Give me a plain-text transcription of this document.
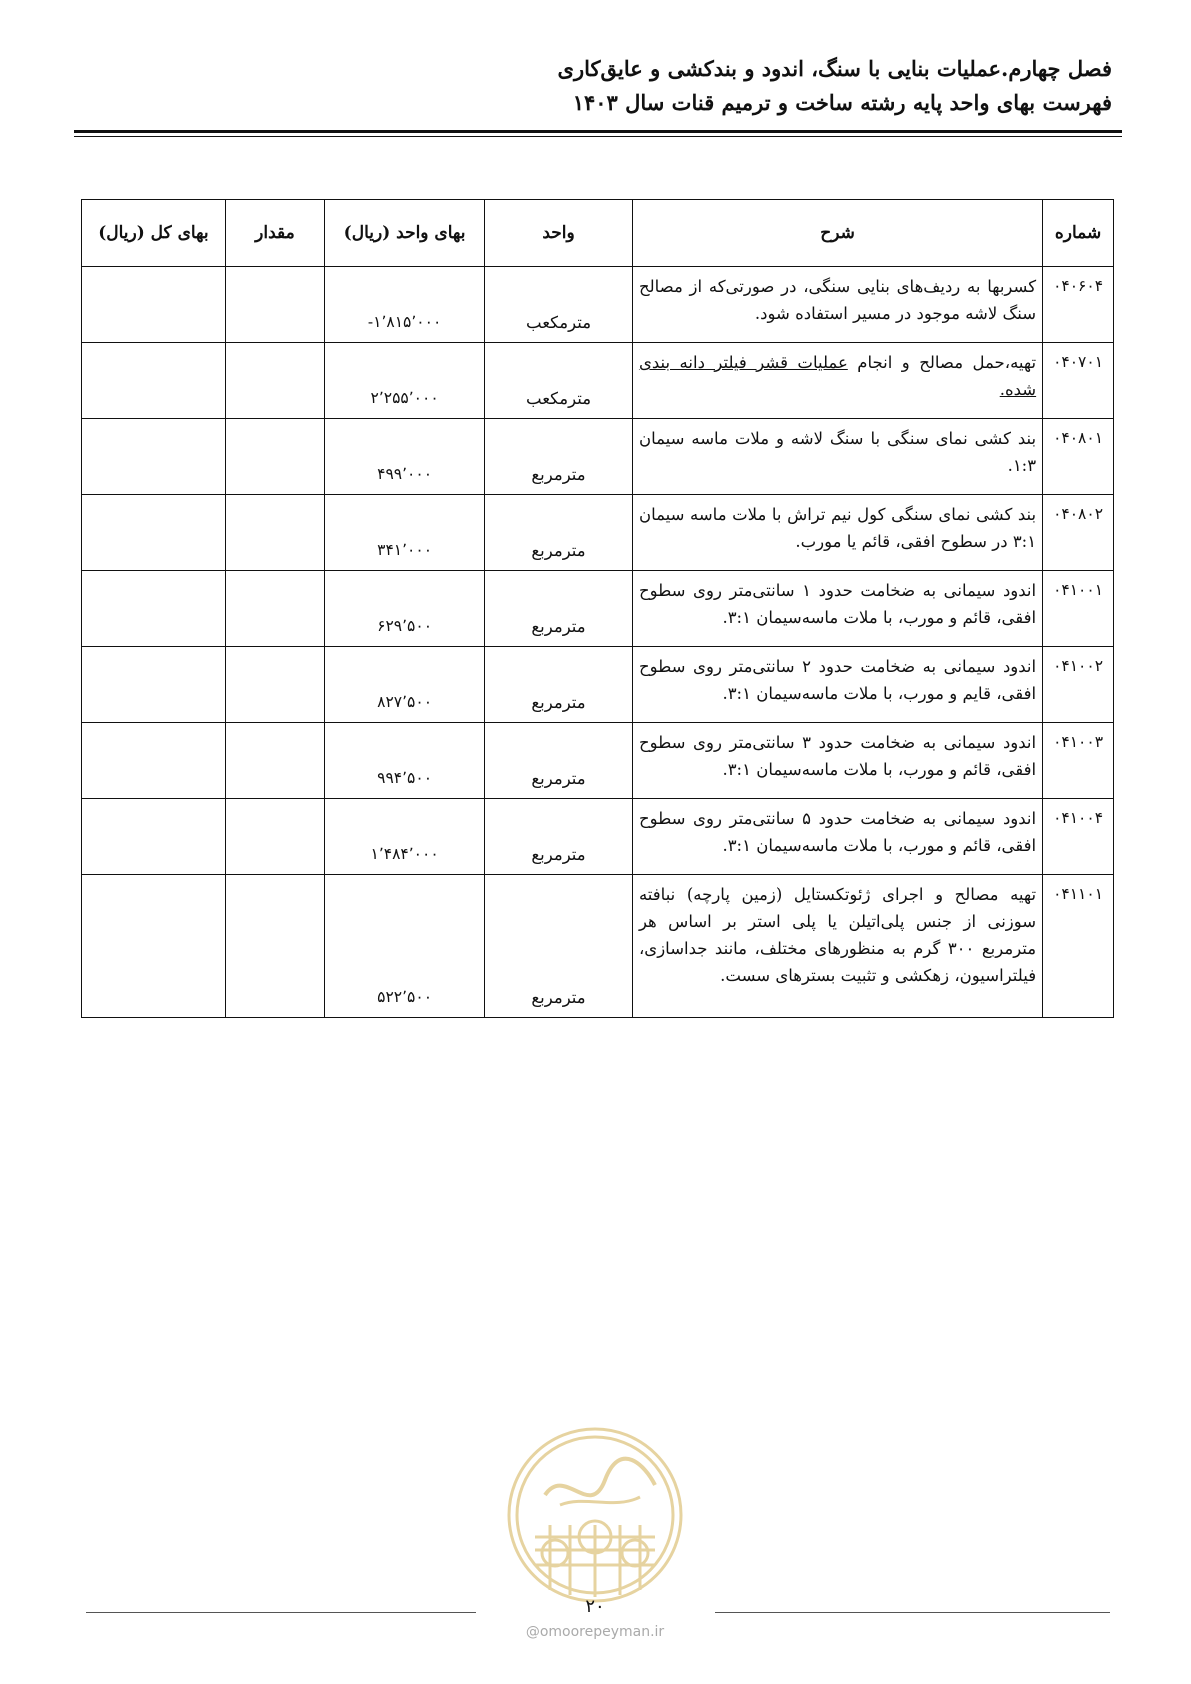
فصل چهارم.عملیات بنایی با سنگ، اندود و بندکشی و عایق‌کاری
فهرست بهای واحد پایه رشته ساخت و ترمیم قنات سال ۱۴۰۳
شماره	شرح	واحد	بهای واحد (ریال)	مقدار	بهای کل (ریال)
۰۴۰۶۰۴	کسربها به ردیف‌های بنایی سنگی، در صورتی‌که از مصالح سنگ لاشه موجود در مسیر استفاده شود.	مترمکعب	-۱٬۸۱۵٬۰۰۰		
۰۴۰۷۰۱	تهیه،حمل مصالح و انجام عملیات قشر فیلتر دانه بندی شده.	مترمکعب	۲٬۲۵۵٬۰۰۰		
۰۴۰۸۰۱	بند کشی نمای سنگی با سنگ لاشه و ملات ماسه سیمان ۱:۳.	مترمربع	۴۹۹٬۰۰۰		
۰۴۰۸۰۲	بند کشی نمای سنگی کول نیم تراش با ملات ماسه سیمان ۳:۱ در سطوح افقی، قائم یا مورب.	مترمربع	۳۴۱٬۰۰۰		
۰۴۱۰۰۱	اندود سیمانی به ضخامت حدود ۱ سانتی‌متر روی سطوح افقی، قائم و مورب، با ملات ماسه‌سیمان ۳:۱.	مترمربع	۶۲۹٬۵۰۰		
۰۴۱۰۰۲	اندود سیمانی به ضخامت حدود ۲ سانتی‌متر روی سطوح افقی، قایم و مورب، با ملات ماسه‌سیمان ۳:۱.	مترمربع	۸۲۷٬۵۰۰		
۰۴۱۰۰۳	اندود سیمانی به ضخامت حدود ۳ سانتی‌متر روی سطوح افقی، قائم و مورب، با ملات ماسه‌سیمان ۳:۱.	مترمربع	۹۹۴٬۵۰۰		
۰۴۱۰۰۴	اندود سیمانی به ضخامت حدود ۵ سانتی‌متر روی سطوح افقی، قائم و مورب، با ملات ماسه‌سیمان ۳:۱.	مترمربع	۱٬۴۸۴٬۰۰۰		
۰۴۱۱۰۱	تهیه مصالح و اجرای ژئوتکستایل (زمین پارچه) نبافته سوزنی از جنس پلی‌اتیلن یا پلی استر بر اساس هر مترمربع ۳۰۰ گرم به منظورهای مختلف، مانند جداسازی، فیلتراسیون، زهکشی و تثبیت بسترهای سست.	مترمربع	۵۲۲٬۵۰۰		
۲۰
@omoorepeyman.ir
